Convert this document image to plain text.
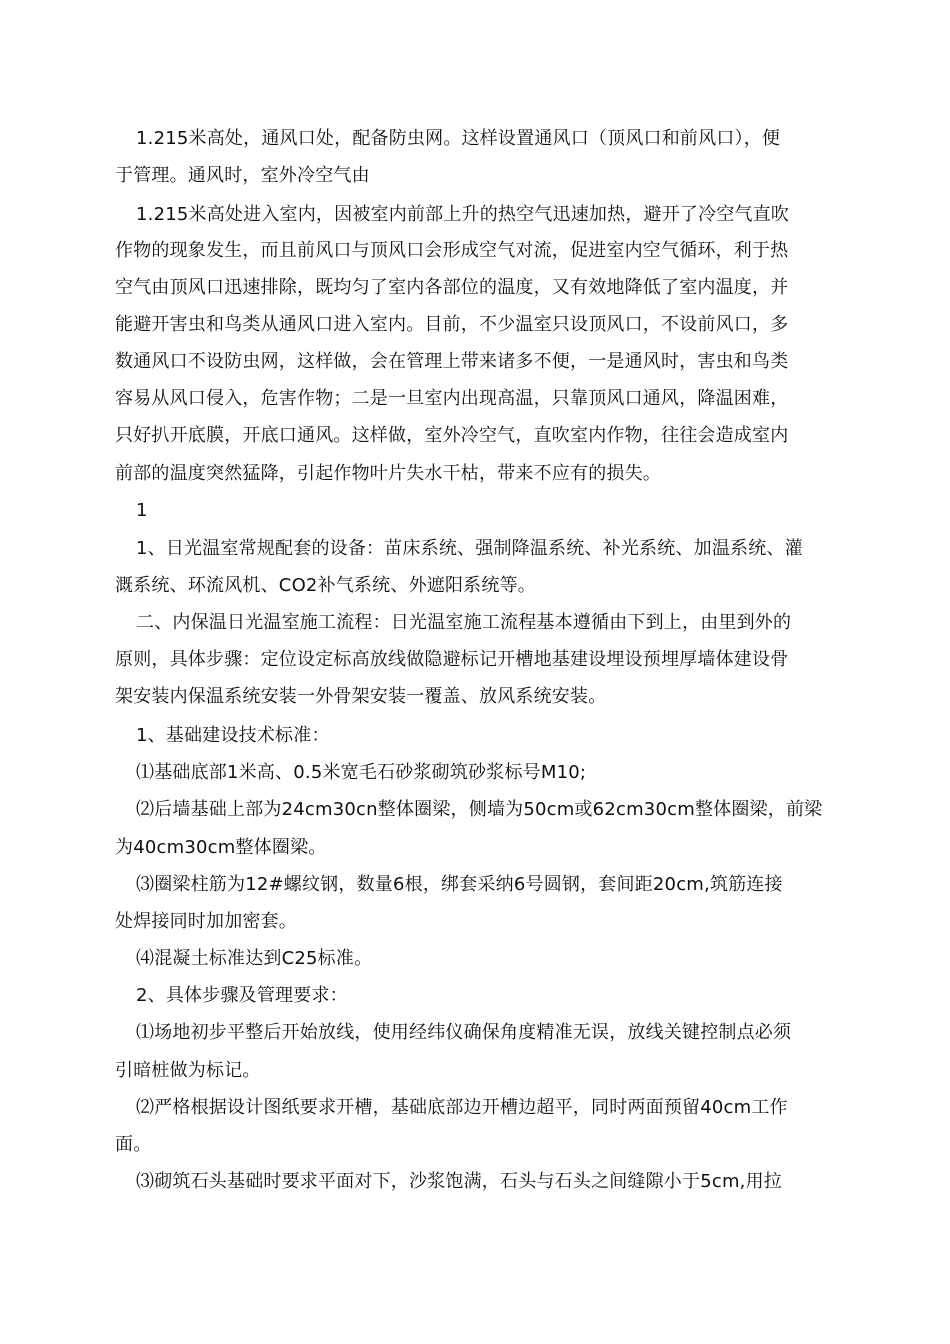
1.215米高处，通风口处，配备防虫网。这样设置通风口（顶风口和前风口），便
于管理。通风时，室外冷空气由
1.215米高处进入室内，因被室内前部上升的热空气迅速加热，避开了冷空气直吹
作物的现象发生，而且前风口与顶风口会形成空气对流，促进室内空气循环，利于热
空气由顶风口迅速排除，既均匀了室内各部位的温度，又有效地降低了室内温度，并
能避开害虫和鸟类从通风口进入室内。目前，不少温室只设顶风口，不设前风口，多
数通风口不设防虫网，这样做，会在管理上带来诸多不便，一是通风时，害虫和鸟类
容易从风口侵入，危害作物；二是一旦室内出现高温，只靠顶风口通风，降温困难，
只好扒开底膜，开底口通风。这样做，室外冷空气，直吹室内作物，往往会造成室内
前部的温度突然猛降，引起作物叶片失水干枯，带来不应有的损失。
1
1、日光温室常规配套的设备：苗床系统、强制降温系统、补光系统、加温系统、灌
溉系统、环流风机、CO2补气系统、外遮阳系统等。
二、内保温日光温室施工流程：日光温室施工流程基本遵循由下到上，由里到外的
原则，具体步骤：定位设定标高放线做隐避标记开槽地基建设埋设预埋厚墙体建设骨
架安装内保温系统安装一外骨架安装一覆盖、放风系统安装。
1、基础建设技术标准：
⑴基础底部1米高、0.5米宽毛石砂浆砌筑砂浆标号M10;
⑵后墙基础上部为24cm30cn整体圈梁，侧墙为50cm或62cm30cm整体圈梁，前梁
为40cm30cm整体圈梁。
⑶圈梁柱筋为12#螺纹钢，数量6根，绑套采纳6号圆钢，套间距20cm,筑筋连接
处焊接同时加加密套。
⑷混凝土标准达到C25标准。
2、具体步骤及管理要求：
⑴场地初步平整后开始放线，使用经纬仪确保角度精准无误，放线关键控制点必须
引暗桩做为标记。
⑵严格根据设计图纸要求开槽，基础底部边开槽边超平，同时两面预留40cm工作
面。
⑶砌筑石头基础时要求平面对下，沙浆饱满，石头与石头之间缝隙小于5cm,用拉
